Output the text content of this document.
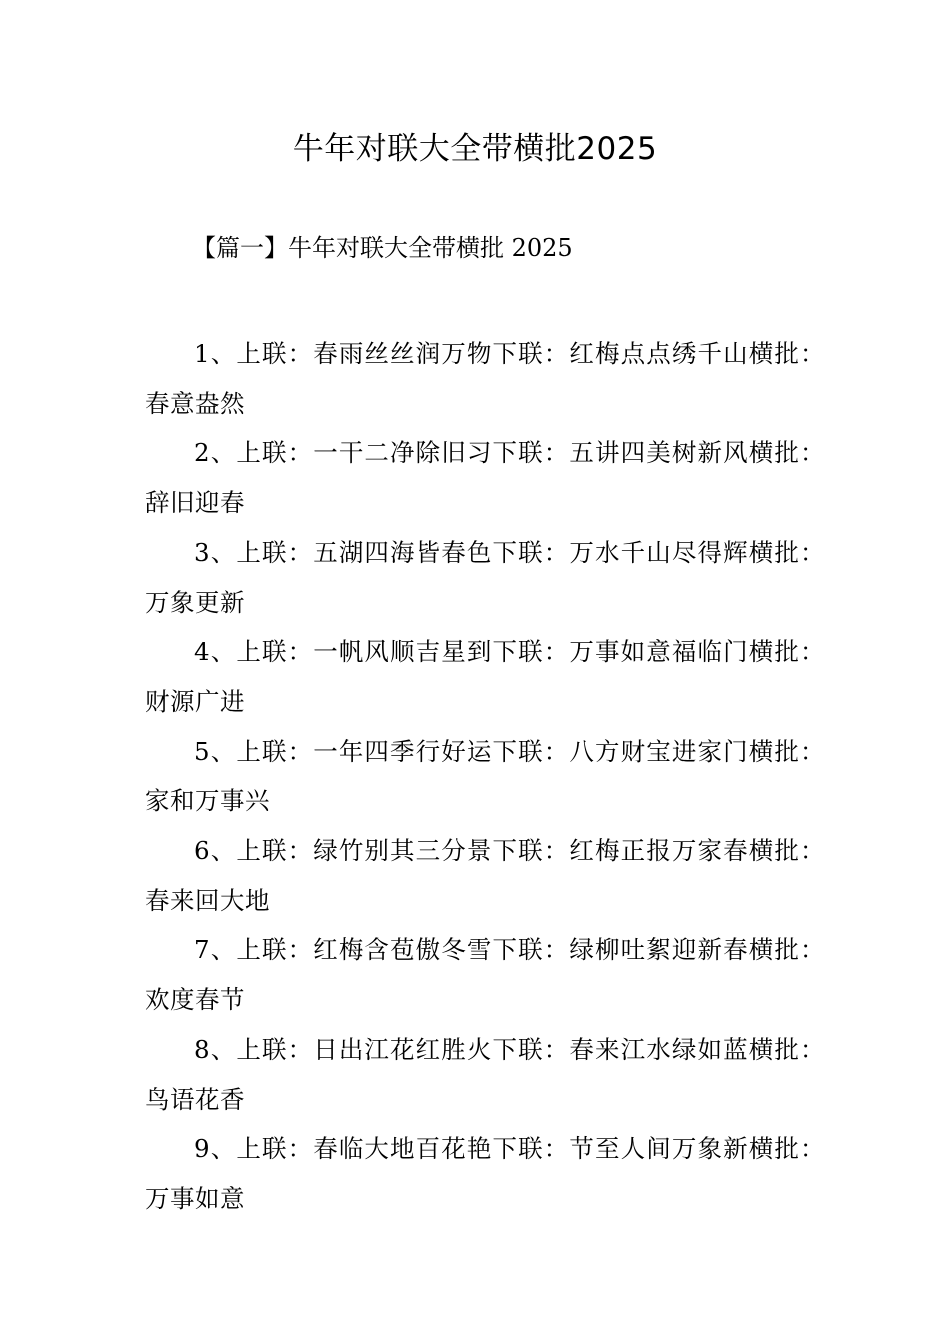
牛年对联大全带横批2025
【篇一】牛年对联大全带横批 2025
1、上联：春雨丝丝润万物下联：红梅点点绣千山横批：春意盎然
2、上联：一干二净除旧习下联：五讲四美树新风横批：辞旧迎春
3、上联：五湖四海皆春色下联：万水千山尽得辉横批：万象更新
4、上联：一帆风顺吉星到下联：万事如意福临门横批：财源广进
5、上联：一年四季行好运下联：八方财宝进家门横批：家和万事兴
6、上联：绿竹别其三分景下联：红梅正报万家春横批：春来回大地
7、上联：红梅含苞傲冬雪下联：绿柳吐絮迎新春横批：欢度春节
8、上联：日出江花红胜火下联：春来江水绿如蓝横批：鸟语花香
9、上联：春临大地百花艳下联：节至人间万象新横批：万事如意
